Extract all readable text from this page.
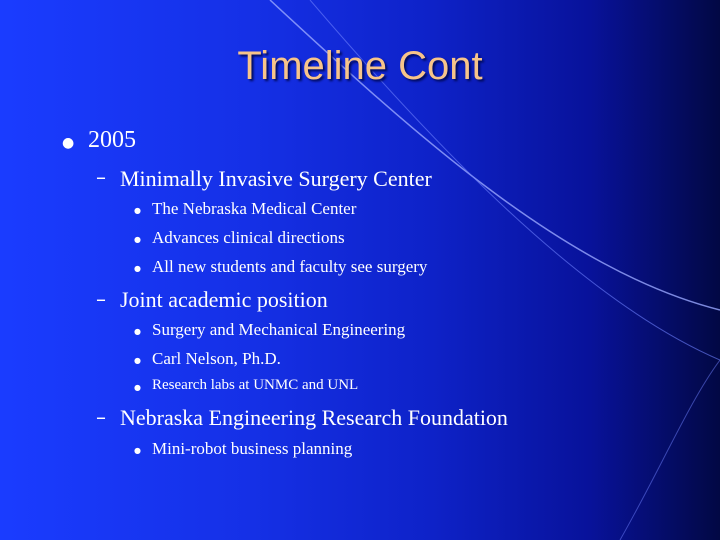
Timeline Cont
● 2005
– Minimally Invasive Surgery Center
● The Nebraska Medical Center
● Advances clinical directions
● All new students and faculty see surgery
– Joint academic position
● Surgery and Mechanical Engineering
● Carl Nelson, Ph.D.
● Research labs at UNMC and UNL
– Nebraska Engineering Research Foundation
● Mini-robot business planning
